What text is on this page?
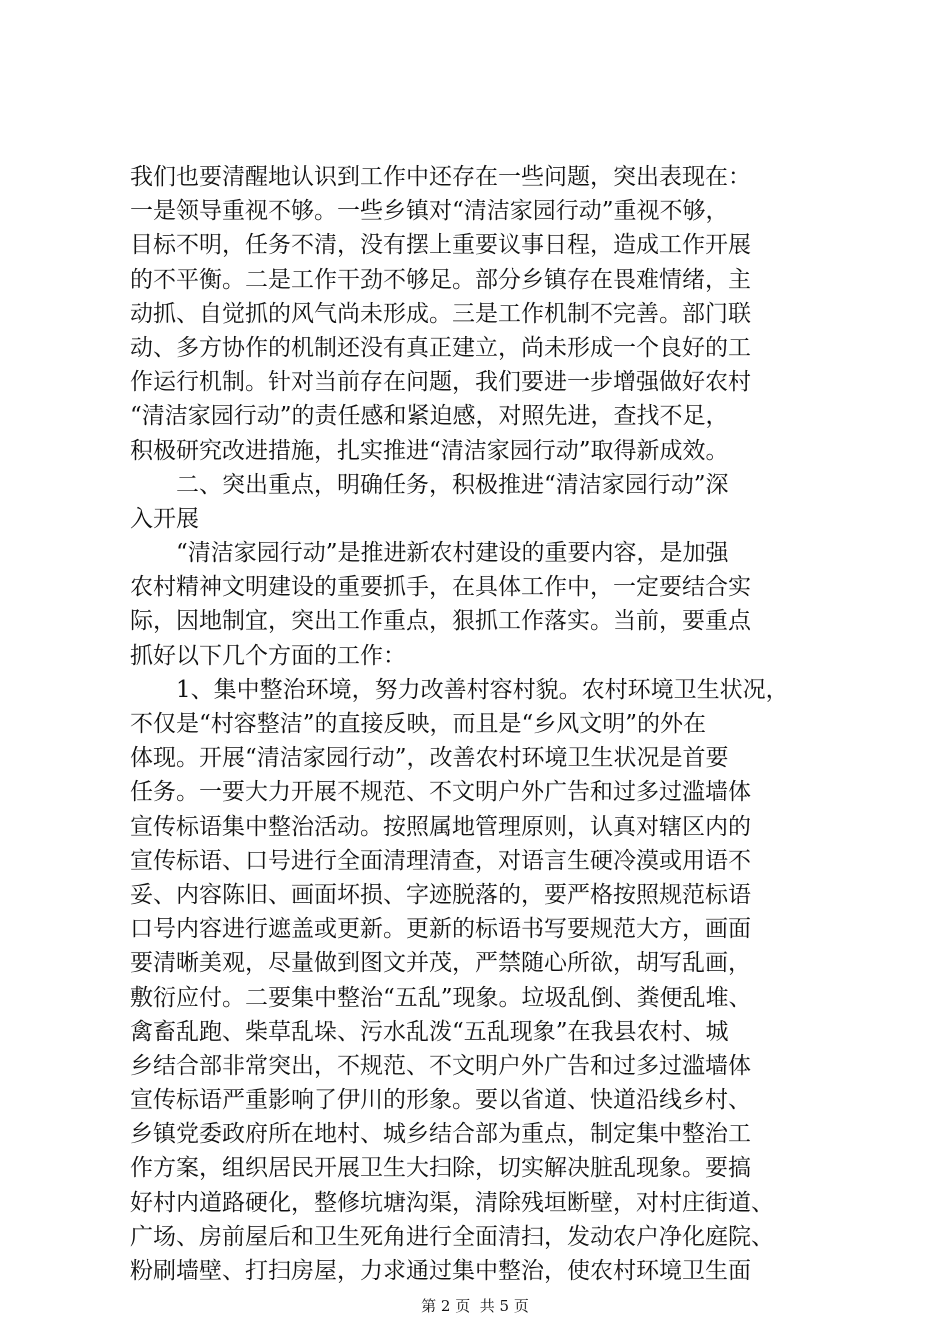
我们也要清醒地认识到工作中还存在一些问题，突出表现在：
一是领导重视不够。一些乡镇对“清洁家园行动”重视不够，
目标不明，任务不清，没有摆上重要议事日程，造成工作开展
的不平衡。二是工作干劲不够足。部分乡镇存在畏难情绪，主
动抓、自觉抓的风气尚未形成。三是工作机制不完善。部门联
动、多方协作的机制还没有真正建立，尚未形成一个良好的工
作运行机制。针对当前存在问题，我们要进一步增强做好农村
“清洁家园行动”的责任感和紧迫感，对照先进，查找不足，
积极研究改进措施，扎实推进“清洁家园行动”取得新成效。
　　二、突出重点，明确任务，积极推进“清洁家园行动”深
入开展
　　“清洁家园行动”是推进新农村建设的重要内容，是加强
农村精神文明建设的重要抓手，在具体工作中，一定要结合实
际，因地制宜，突出工作重点，狠抓工作落实。当前，要重点
抓好以下几个方面的工作：
　　1、集中整治环境，努力改善村容村貌。农村环境卫生状况，
不仅是“村容整洁”的直接反映，而且是“乡风文明”的外在
体现。开展“清洁家园行动”，改善农村环境卫生状况是首要
任务。一要大力开展不规范、不文明户外广告和过多过滥墙体
宣传标语集中整治活动。按照属地管理原则，认真对辖区内的
宣传标语、口号进行全面清理清查，对语言生硬冷漠或用语不
妥、内容陈旧、画面坏损、字迹脱落的，要严格按照规范标语
口号内容进行遮盖或更新。更新的标语书写要规范大方，画面
要清晰美观，尽量做到图文并茂，严禁随心所欲，胡写乱画，
敷衍应付。二要集中整治“五乱”现象。垃圾乱倒、粪便乱堆、
禽畜乱跑、柴草乱垛、污水乱泼“五乱现象”在我县农村、城
乡结合部非常突出，不规范、不文明户外广告和过多过滥墙体
宣传标语严重影响了伊川的形象。要以省道、快道沿线乡村、
乡镇党委政府所在地村、城乡结合部为重点，制定集中整治工
作方案，组织居民开展卫生大扫除，切实解决脏乱现象。要搞
好村内道路硬化，整修坑塘沟渠，清除残垣断壁，对村庄街道、
广场、房前屋后和卫生死角进行全面清扫，发动农户净化庭院、
粉刷墙壁、打扫房屋，力求通过集中整治，使农村环境卫生面
第 2 页  共 5 页
